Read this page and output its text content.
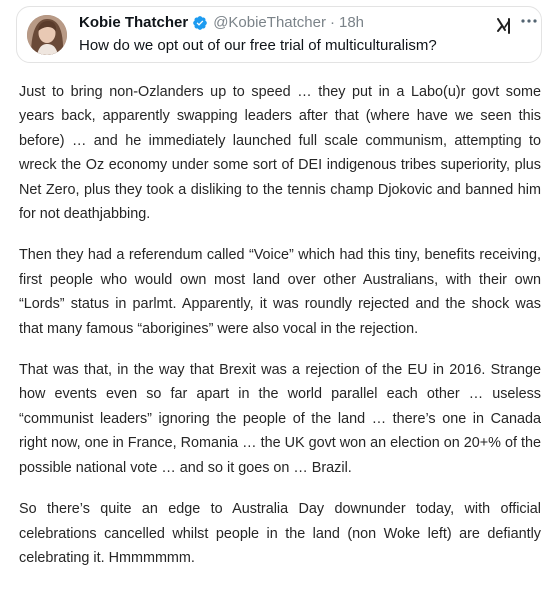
Kobie Thatcher @KobieThatcher · 18h
How do we opt out of our free trial of multiculturalism?

Just to bring non-Ozlanders up to speed … they put in a Labo(u)r govt some years back, apparently swapping leaders after that (where have we seen this before) … and he immediately launched full scale communism, attempting to wreck the Oz economy under some sort of DEI indigenous tribes superiority, plus Net Zero, plus they took a disliking to the tennis champ Djokovic and banned him for not deathjabbing.

Then they had a referendum called “Voice” which had this tiny, benefits receiving, first people who would own most land over other Australians, with their own “Lords” status in parlmt. Apparently, it was roundly rejected and the shock was that many famous “aborigines” were also vocal in the rejection.

That was that, in the way that Brexit was a rejection of the EU in 2016. Strange how events even so far apart in the world parallel each other … useless “communist leaders” ignoring the people of the land … there’s one in Canada right now, one in France, Romania … the UK govt won an election on 20+% of the possible national vote … and so it goes on … Brazil.

So there’s quite an edge to Australia Day downunder today, with official celebrations cancelled whilst people in the land (non Woke left) are defiantly celebrating it. Hmmmmmm.
